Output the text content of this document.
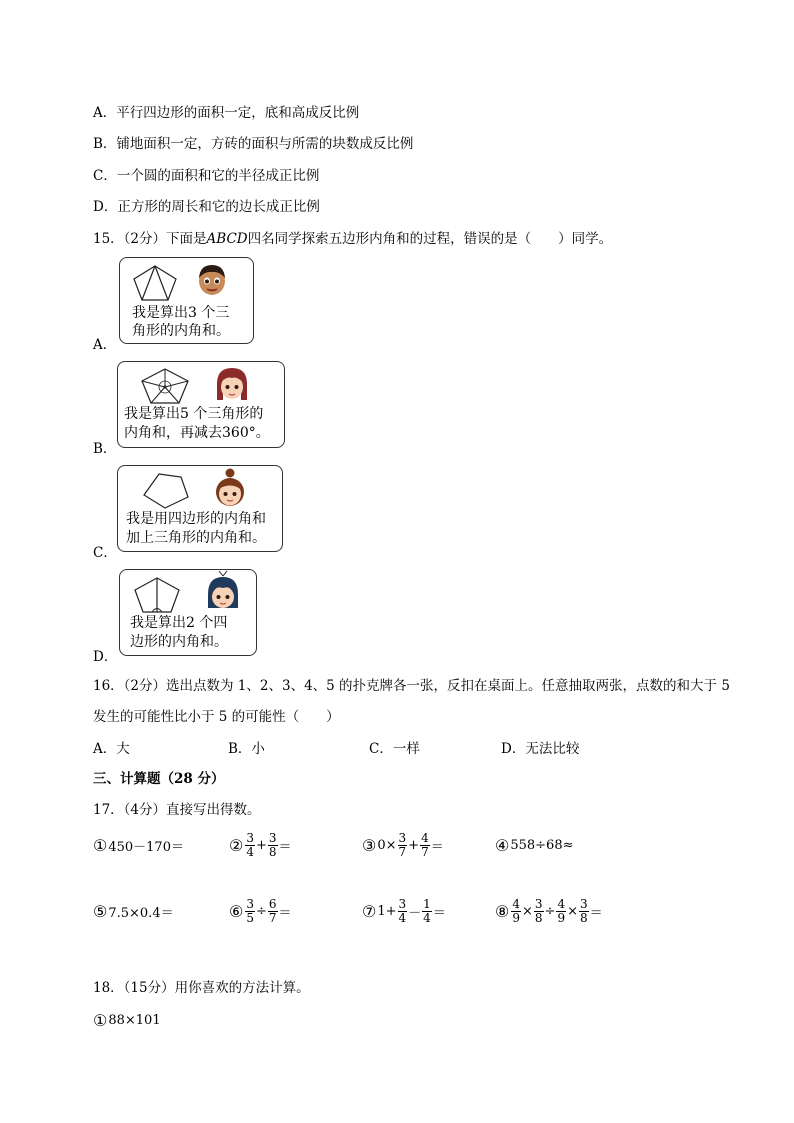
A．平行四边形的面积一定，底和高成反比例
B．铺地面积一定，方砖的面积与所需的块数成反比例
C．一个圆的面积和它的半径成正比例
D．正方形的周长和它的边长成正比例
15．（2分）下面是ABCD四名同学探索五边形内角和的过程，错误的是（　　）同学。
我是算出3 个三
角形的内角和。
A．
我是算出5 个三角形的
内角和，再减去360°。
B．
我是用四边形的内角和
加上三角形的内角和。
C．
我是算出2 个四
边形的内角和。
D．
16．（2分）选出点数为 1、2、3、4、5 的扑克牌各一张，反扣在桌面上。任意抽取两张，点数的和大于 5
发生的可能性比小于 5 的可能性（　　）
A．大	B．小	C．一样	D．无法比较
三、计算题（28 分）
17．（4分）直接写出得数。
① 450－170＝	② $\frac{3}{4} + \frac{3}{8}$ ＝	③ $0\times \frac{3}{7} + \frac{4}{7}$ ＝	④ 558÷68≈
⑤ 7.5×0.4＝	⑥ $\frac{3}{5} \div \frac{6}{7}$ ＝	⑦ $1+ \frac{3}{4} - \frac{1}{4}$ ＝	⑧ $\frac{4}{9} \times \frac{3}{8} \div \frac{4}{9} \times \frac{3}{8}$ ＝
18．（15分）用你喜欢的方法计算。
① 88×101
